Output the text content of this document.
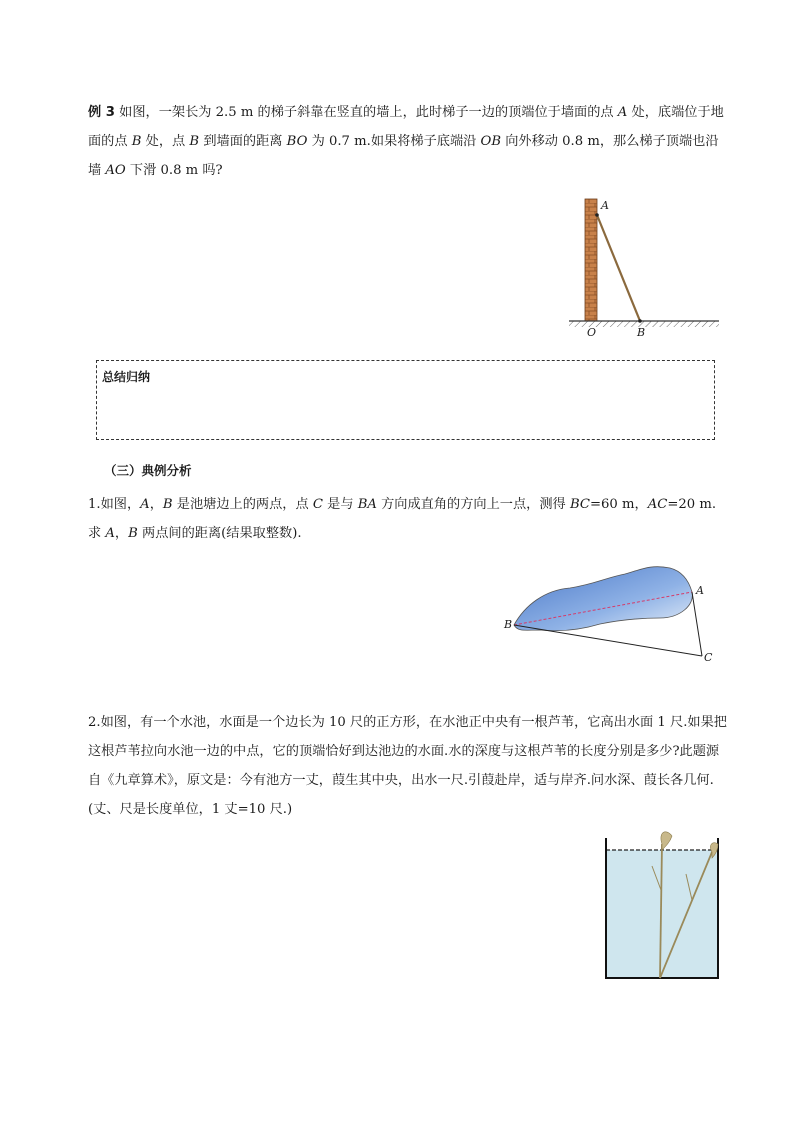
例 3 如图，一架长为 2.5 m 的梯子斜靠在竖直的墙上，此时梯子一边的顶端位于墙面的点 A 处，底端位于地面的点 B 处，点 B 到墙面的距离 BO 为 0.7 m.如果将梯子底端沿 OB 向外移动 0.8 m，那么梯子顶端也沿墙 AO 下滑 0.8 m 吗?
A
O	B
总结归纳
（三）典例分析
1.如图，A，B 是池塘边上的两点，点 C 是与 BA 方向成直角的方向上一点，测得 BC=60 m，AC=20 m.求 A，B 两点间的距离(结果取整数).
A
B
C
2.如图，有一个水池，水面是一个边长为 10 尺的正方形，在水池正中央有一根芦苇，它高出水面 1 尺.如果把这根芦苇拉向水池一边的中点，它的顶端恰好到达池边的水面.水的深度与这根芦苇的长度分别是多少?此题源自《九章算术》，原文是：今有池方一丈，葭生其中央，出水一尺.引葭赴岸，适与岸齐.问水深、葭长各几何.(丈、尺是长度单位，1 丈=10 尺.)
